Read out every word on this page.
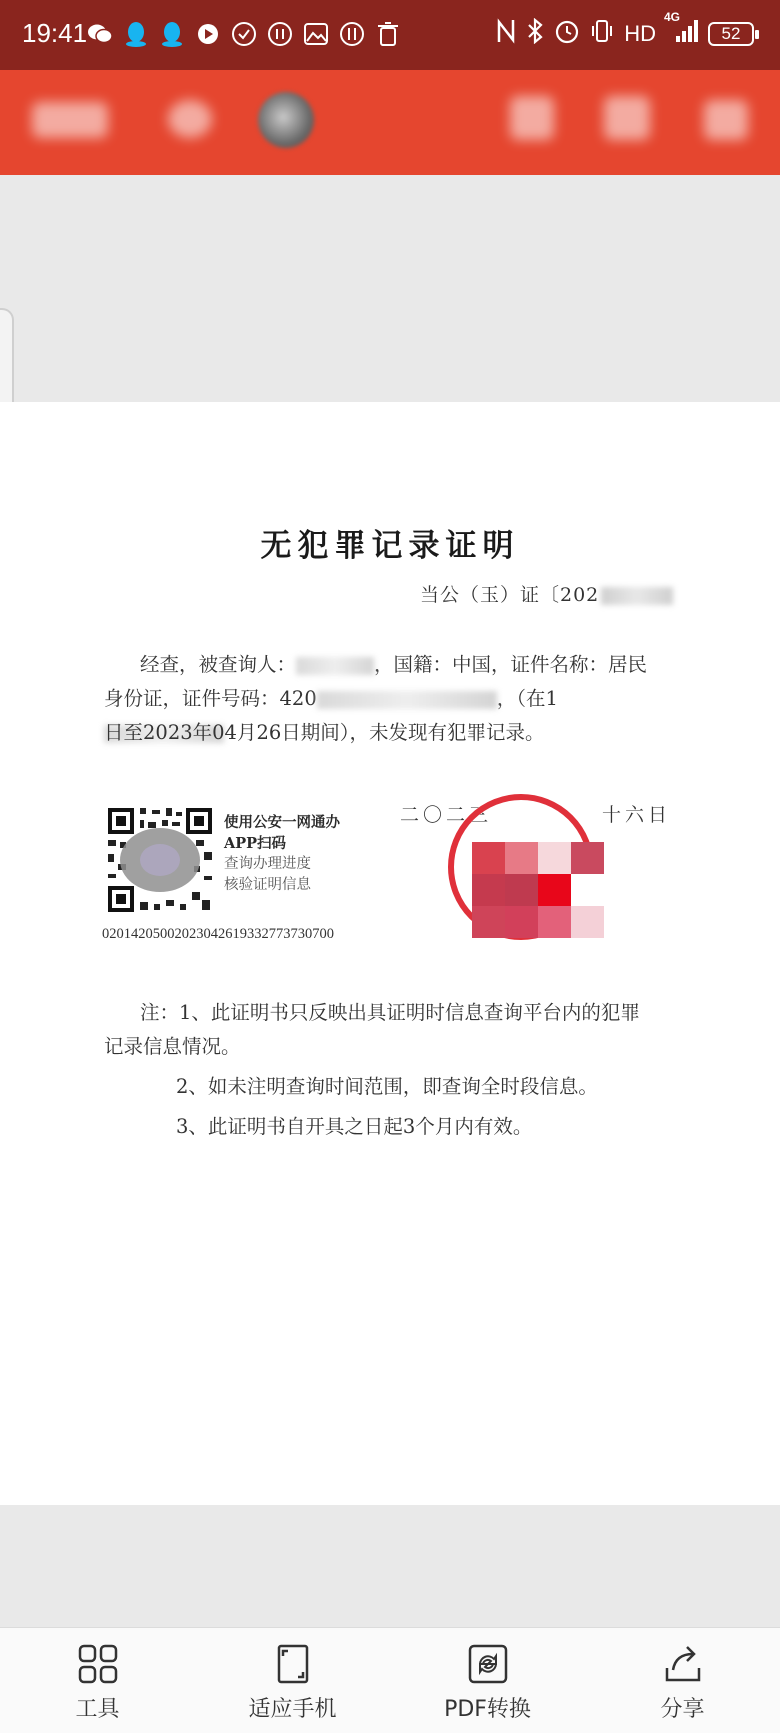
19:41	HD
4G
52
无犯罪记录证明
当公（玉）证〔202
经查，被查询人：	，国籍：中国，证件名称：居民
身份证，证件号码：420	，（在1
日至2023年04月26日期间），未发现有犯罪记录。
使用公安一网通办
APP扫码
查询办理进度
核验证明信息
02014205002023042619332773730700
二〇二三	十六日
注：1、此证明书只反映出具证明时信息查询平台内的犯罪
记录信息情况。
2、如未注明查询时间范围，即查询全时段信息。
3、此证明书自开具之日起3个月内有效。
工具	适应手机	PDF转换	分享
